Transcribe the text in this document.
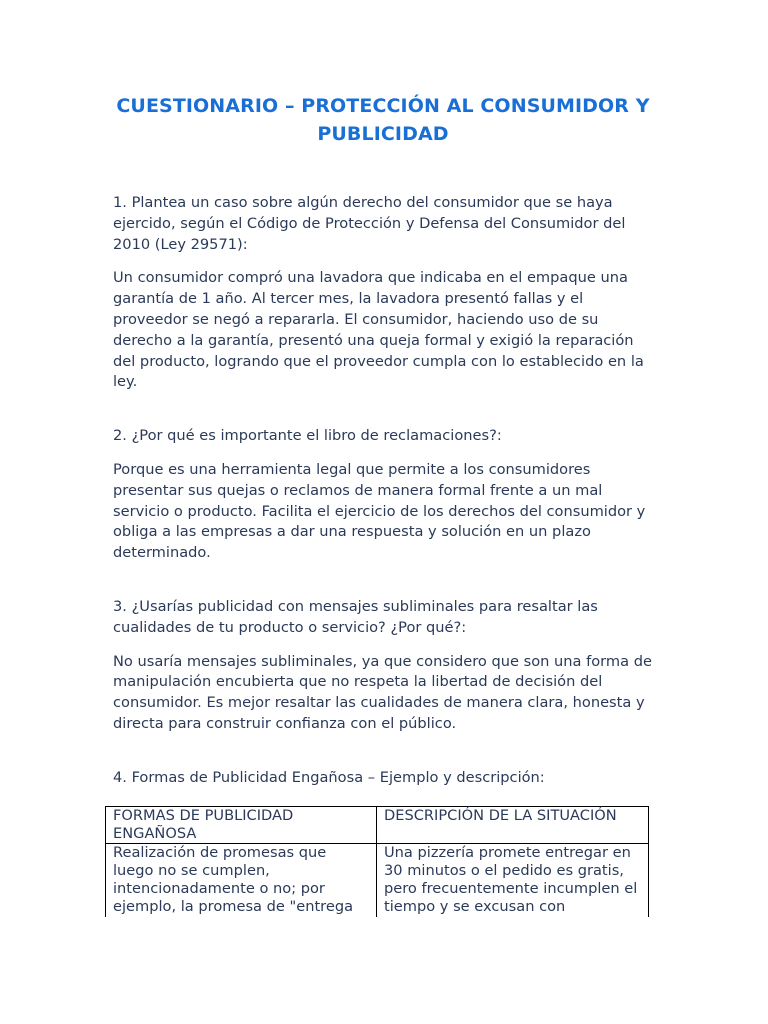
CUESTIONARIO – PROTECCIÓN AL CONSUMIDOR Y PUBLICIDAD

1. Plantea un caso sobre algún derecho del consumidor que se haya ejercido, según el Código de Protección y Defensa del Consumidor del 2010 (Ley 29571):

Un consumidor compró una lavadora que indicaba en el empaque una garantía de 1 año. Al tercer mes, la lavadora presentó fallas y el proveedor se negó a repararla. El consumidor, haciendo uso de su derecho a la garantía, presentó una queja formal y exigió la reparación del producto, logrando que el proveedor cumpla con lo establecido en la ley.

2. ¿Por qué es importante el libro de reclamaciones?:

Porque es una herramienta legal que permite a los consumidores presentar sus quejas o reclamos de manera formal frente a un mal servicio o producto. Facilita el ejercicio de los derechos del consumidor y obliga a las empresas a dar una respuesta y solución en un plazo determinado.

3. ¿Usarías publicidad con mensajes subliminales para resaltar las cualidades de tu producto o servicio? ¿Por qué?:

No usaría mensajes subliminales, ya que considero que son una forma de manipulación encubierta que no respeta la libertad de decisión del consumidor. Es mejor resaltar las cualidades de manera clara, honesta y directa para construir confianza con el público.

4. Formas de Publicidad Engañosa – Ejemplo y descripción:

FORMAS DE PUBLICIDAD ENGAÑOSA	DESCRIPCIÓN DE LA SITUACIÓN
Realización de promesas que luego no se cumplen, intencionadamente o no; por ejemplo, la promesa de "entrega	Una pizzería promete entregar en 30 minutos o el pedido es gratis, pero frecuentemente incumplen el tiempo y se excusan con
